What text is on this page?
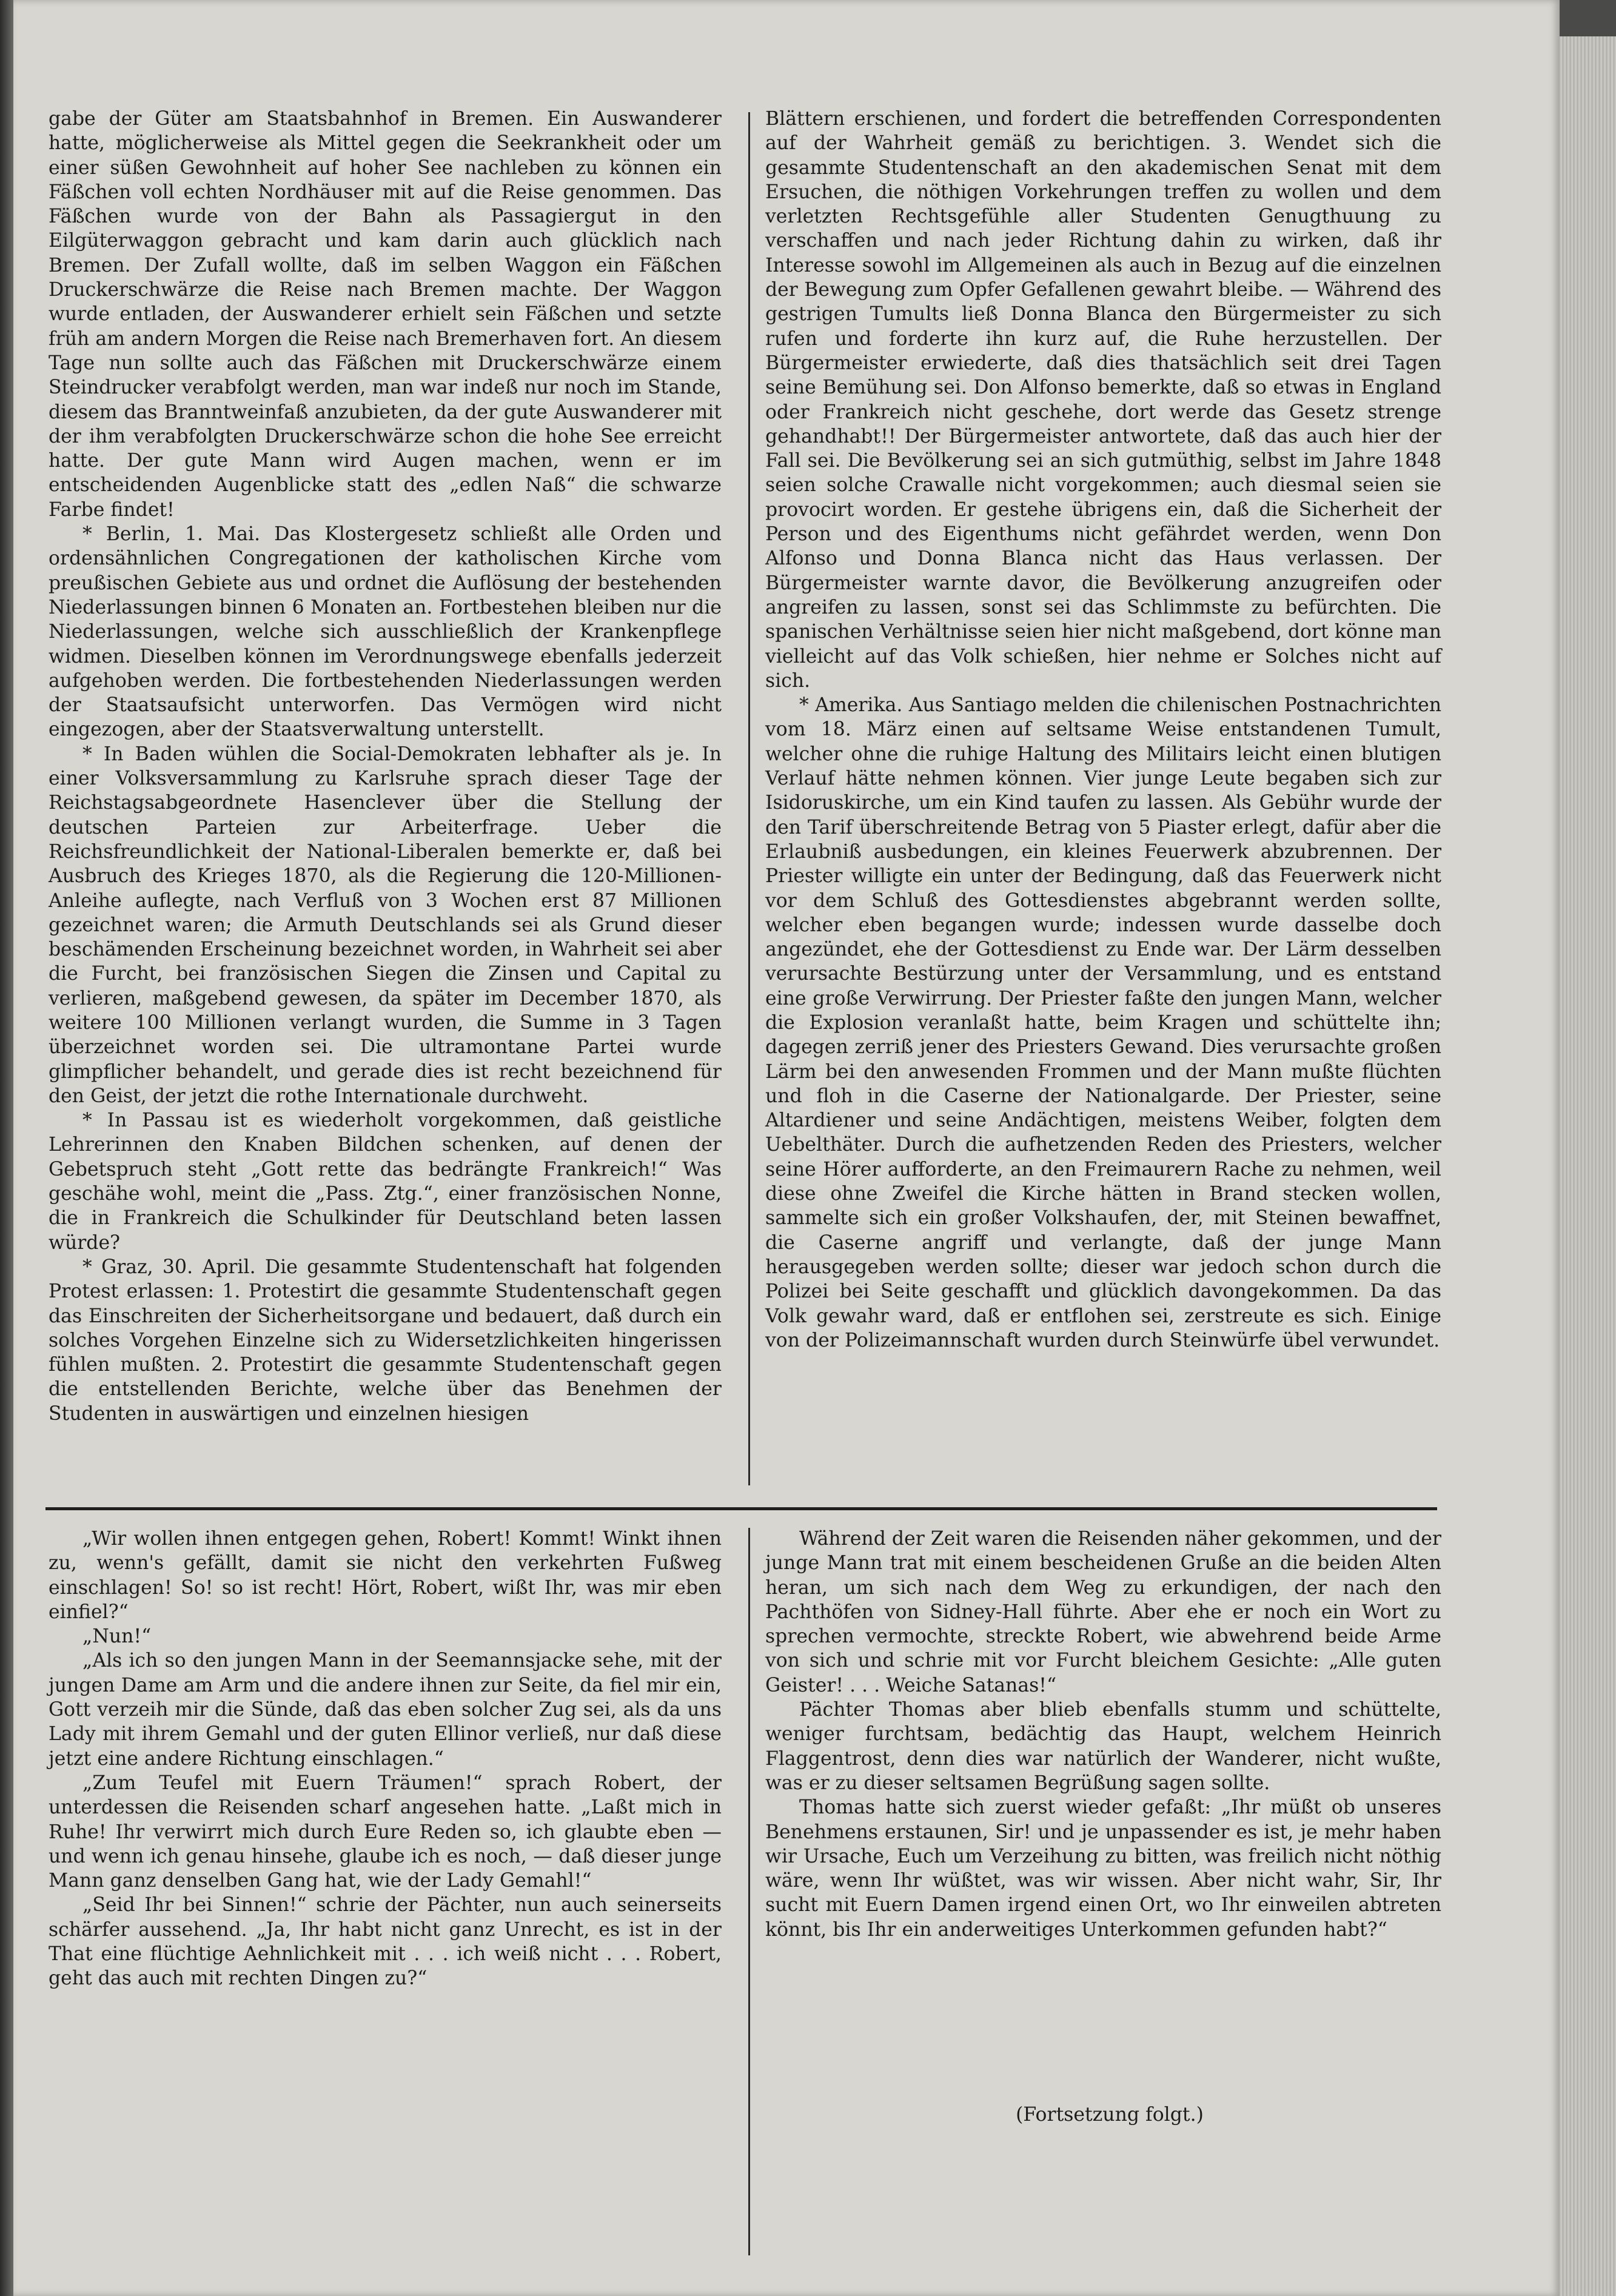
gabe der Güter am Staatsbahnhof in Bremen. Ein Auswanderer hatte, möglicherweise als Mittel gegen die Seekrankheit oder um einer süßen Gewohnheit auf hoher See nachleben zu können ein Fäßchen voll echten Nordhäuser mit auf die Reise genommen. Das Fäßchen wurde von der Bahn als Passagiergut in den Eilgüterwaggon gebracht und kam darin auch glücklich nach Bremen. Der Zufall wollte, daß im selben Waggon ein Fäßchen Druckerschwärze die Reise nach Bremen machte. Der Waggon wurde entladen, der Auswanderer erhielt sein Fäßchen und setzte früh am andern Morgen die Reise nach Bremerhaven fort. An diesem Tage nun sollte auch das Fäßchen mit Druckerschwärze einem Steindrucker verabfolgt werden, man war indeß nur noch im Stande, diesem das Branntweinfaß anzubieten, da der gute Auswanderer mit der ihm verabfolgten Druckerschwärze schon die hohe See erreicht hatte. Der gute Mann wird Augen machen, wenn er im entscheidenden Augenblicke statt des „edlen Naß“ die schwarze Farbe findet!

* Berlin, 1. Mai. Das Klostergesetz schließt alle Orden und ordensähnlichen Congregationen der katholischen Kirche vom preußischen Gebiete aus und ordnet die Auflösung der bestehenden Niederlassungen binnen 6 Monaten an. Fortbestehen bleiben nur die Niederlassungen, welche sich ausschließlich der Krankenpflege widmen. Dieselben können im Verordnungswege ebenfalls jederzeit aufgehoben werden. Die fortbestehenden Niederlassungen werden der Staatsaufsicht unterworfen. Das Vermögen wird nicht eingezogen, aber der Staatsverwaltung unterstellt.

* In Baden wühlen die Social-Demokraten lebhafter als je. In einer Volksversammlung zu Karlsruhe sprach dieser Tage der Reichstagsabgeordnete Hasenclever über die Stellung der deutschen Parteien zur Arbeiterfrage. Ueber die Reichsfreundlichkeit der National-Liberalen bemerkte er, daß bei Ausbruch des Krieges 1870, als die Regierung die 120-Millionen-Anleihe auflegte, nach Verfluß von 3 Wochen erst 87 Millionen gezeichnet waren; die Armuth Deutschlands sei als Grund dieser beschämenden Erscheinung bezeichnet worden, in Wahrheit sei aber die Furcht, bei französischen Siegen die Zinsen und Capital zu verlieren, maßgebend gewesen, da später im December 1870, als weitere 100 Millionen verlangt wurden, die Summe in 3 Tagen überzeichnet worden sei. Die ultramontane Partei wurde glimpflicher behandelt, und gerade dies ist recht bezeichnend für den Geist, der jetzt die rothe Internationale durchweht.

* In Passau ist es wiederholt vorgekommen, daß geistliche Lehrerinnen den Knaben Bildchen schenken, auf denen der Gebetspruch steht „Gott rette das bedrängte Frankreich!“ Was geschähe wohl, meint die „Pass. Ztg.“, einer französischen Nonne, die in Frankreich die Schulkinder für Deutschland beten lassen würde?

* Graz, 30. April. Die gesammte Studentenschaft hat folgenden Protest erlassen: 1. Protestirt die gesammte Studentenschaft gegen das Einschreiten der Sicherheitsorgane und bedauert, daß durch ein solches Vorgehen Einzelne sich zu Widersetzlichkeiten hingerissen fühlen mußten. 2. Protestirt die gesammte Studentenschaft gegen die entstellenden Berichte, welche über das Benehmen der Studenten in auswärtigen und einzelnen hiesigen

Blättern erschienen, und fordert die betreffenden Correspondenten auf der Wahrheit gemäß zu berichtigen. 3. Wendet sich die gesammte Studentenschaft an den akademischen Senat mit dem Ersuchen, die nöthigen Vorkehrungen treffen zu wollen und dem verletzten Rechtsgefühle aller Studenten Genugthuung zu verschaffen und nach jeder Richtung dahin zu wirken, daß ihr Interesse sowohl im Allgemeinen als auch in Bezug auf die einzelnen der Bewegung zum Opfer Gefallenen gewahrt bleibe. — Während des gestrigen Tumults ließ Donna Blanca den Bürgermeister zu sich rufen und forderte ihn kurz auf, die Ruhe herzustellen. Der Bürgermeister erwiederte, daß dies thatsächlich seit drei Tagen seine Bemühung sei. Don Alfonso bemerkte, daß so etwas in England oder Frankreich nicht geschehe, dort werde das Gesetz strenge gehandhabt!! Der Bürgermeister antwortete, daß das auch hier der Fall sei. Die Bevölkerung sei an sich gutmüthig, selbst im Jahre 1848 seien solche Crawalle nicht vorgekommen; auch diesmal seien sie provocirt worden. Er gestehe übrigens ein, daß die Sicherheit der Person und des Eigenthums nicht gefährdet werden, wenn Don Alfonso und Donna Blanca nicht das Haus verlassen. Der Bürgermeister warnte davor, die Bevölkerung anzugreifen oder angreifen zu lassen, sonst sei das Schlimmste zu befürchten. Die spanischen Verhältnisse seien hier nicht maßgebend, dort könne man vielleicht auf das Volk schießen, hier nehme er Solches nicht auf sich.

* Amerika. Aus Santiago melden die chilenischen Postnachrichten vom 18. März einen auf seltsame Weise entstandenen Tumult, welcher ohne die ruhige Haltung des Militairs leicht einen blutigen Verlauf hätte nehmen können. Vier junge Leute begaben sich zur Isidoruskirche, um ein Kind taufen zu lassen. Als Gebühr wurde der den Tarif überschreitende Betrag von 5 Piaster erlegt, dafür aber die Erlaubniß ausbedungen, ein kleines Feuerwerk abzubrennen. Der Priester willigte ein unter der Bedingung, daß das Feuerwerk nicht vor dem Schluß des Gottesdienstes abgebrannt werden sollte, welcher eben begangen wurde; indessen wurde dasselbe doch angezündet, ehe der Gottesdienst zu Ende war. Der Lärm desselben verursachte Bestürzung unter der Versammlung, und es entstand eine große Verwirrung. Der Priester faßte den jungen Mann, welcher die Explosion veranlaßt hatte, beim Kragen und schüttelte ihn; dagegen zerriß jener des Priesters Gewand. Dies verursachte großen Lärm bei den anwesenden Frommen und der Mann mußte flüchten und floh in die Caserne der Nationalgarde. Der Priester, seine Altardiener und seine Andächtigen, meistens Weiber, folgten dem Uebelthäter. Durch die aufhetzenden Reden des Priesters, welcher seine Hörer aufforderte, an den Freimaurern Rache zu nehmen, weil diese ohne Zweifel die Kirche hätten in Brand stecken wollen, sammelte sich ein großer Volkshaufen, der, mit Steinen bewaffnet, die Caserne angriff und verlangte, daß der junge Mann herausgegeben werden sollte; dieser war jedoch schon durch die Polizei bei Seite geschafft und glücklich davongekommen. Da das Volk gewahr ward, daß er entflohen sei, zerstreute es sich. Einige von der Polizeimannschaft wurden durch Steinwürfe übel verwundet.

„Wir wollen ihnen entgegen gehen, Robert! Kommt! Winkt ihnen zu, wenn's gefällt, damit sie nicht den verkehrten Fußweg einschlagen! So! so ist recht! Hört, Robert, wißt Ihr, was mir eben einfiel?“

„Nun!“

„Als ich so den jungen Mann in der Seemannsjacke sehe, mit der jungen Dame am Arm und die andere ihnen zur Seite, da fiel mir ein, Gott verzeih mir die Sünde, daß das eben solcher Zug sei, als da uns Lady mit ihrem Gemahl und der guten Ellinor verließ, nur daß diese jetzt eine andere Richtung einschlagen.“

„Zum Teufel mit Euern Träumen!“ sprach Robert, der unterdessen die Reisenden scharf angesehen hatte. „Laßt mich in Ruhe! Ihr verwirrt mich durch Eure Reden so, ich glaubte eben — und wenn ich genau hinsehe, glaube ich es noch, — daß dieser junge Mann ganz denselben Gang hat, wie der Lady Gemahl!“

„Seid Ihr bei Sinnen!“ schrie der Pächter, nun auch seinerseits schärfer aussehend. „Ja, Ihr habt nicht ganz Unrecht, es ist in der That eine flüchtige Aehnlichkeit mit . . . ich weiß nicht . . . Robert, geht das auch mit rechten Dingen zu?“

Während der Zeit waren die Reisenden näher gekommen, und der junge Mann trat mit einem bescheidenen Gruße an die beiden Alten heran, um sich nach dem Weg zu erkundigen, der nach den Pachthöfen von Sidney-Hall führte. Aber ehe er noch ein Wort zu sprechen vermochte, streckte Robert, wie abwehrend beide Arme von sich und schrie mit vor Furcht bleichem Gesichte: „Alle guten Geister! . . . Weiche Satanas!“

Pächter Thomas aber blieb ebenfalls stumm und schüttelte, weniger furchtsam, bedächtig das Haupt, welchem Heinrich Flaggentrost, denn dies war natürlich der Wanderer, nicht wußte, was er zu dieser seltsamen Begrüßung sagen sollte.

Thomas hatte sich zuerst wieder gefaßt: „Ihr müßt ob unseres Benehmens erstaunen, Sir! und je unpassender es ist, je mehr haben wir Ursache, Euch um Verzeihung zu bitten, was freilich nicht nöthig wäre, wenn Ihr wüßtet, was wir wissen. Aber nicht wahr, Sir, Ihr sucht mit Euern Damen irgend einen Ort, wo Ihr einweilen abtreten könnt, bis Ihr ein anderweitiges Unterkommen gefunden habt?“

(Fortsetzung folgt.)
